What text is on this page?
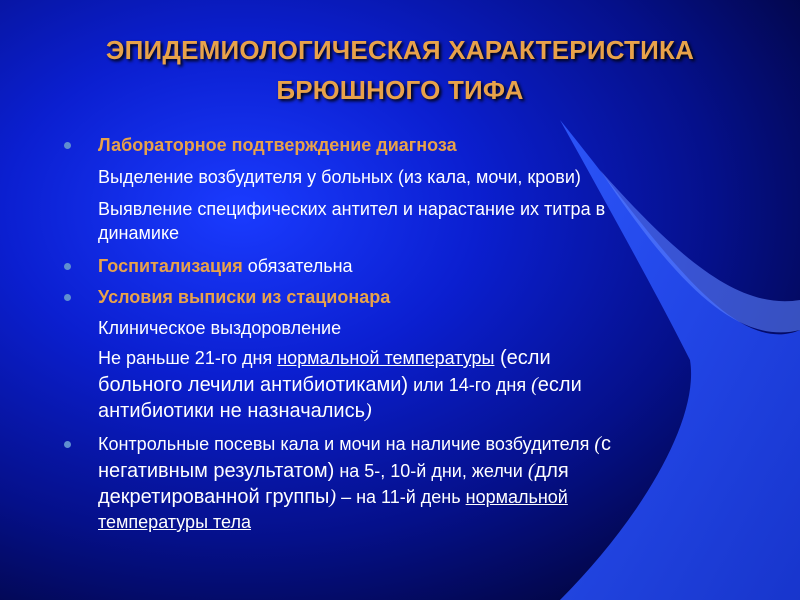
ЭПИДЕМИОЛОГИЧЕСКАЯ ХАРАКТЕРИСТИКА
БРЮШНОГО ТИФА
Лабораторное подтверждение диагноза
Выделение возбудителя у больных (из кала, мочи, крови)
Выявление специфических антител и нарастание их титра в
динамике
Госпитализация обязательна
Условия выписки из стационара
Клиническое выздоровление
Не раньше 21-го дня нормальной температуры (если
больного лечили антибиотиками) или 14-го дня (если
антибиотики не назначались)
Контрольные посевы кала и мочи на наличие возбудителя (с
негативным результатом) на 5-, 10-й дни, желчи (для
декретированной группы) – на 11-й день нормальной
температуры тела
